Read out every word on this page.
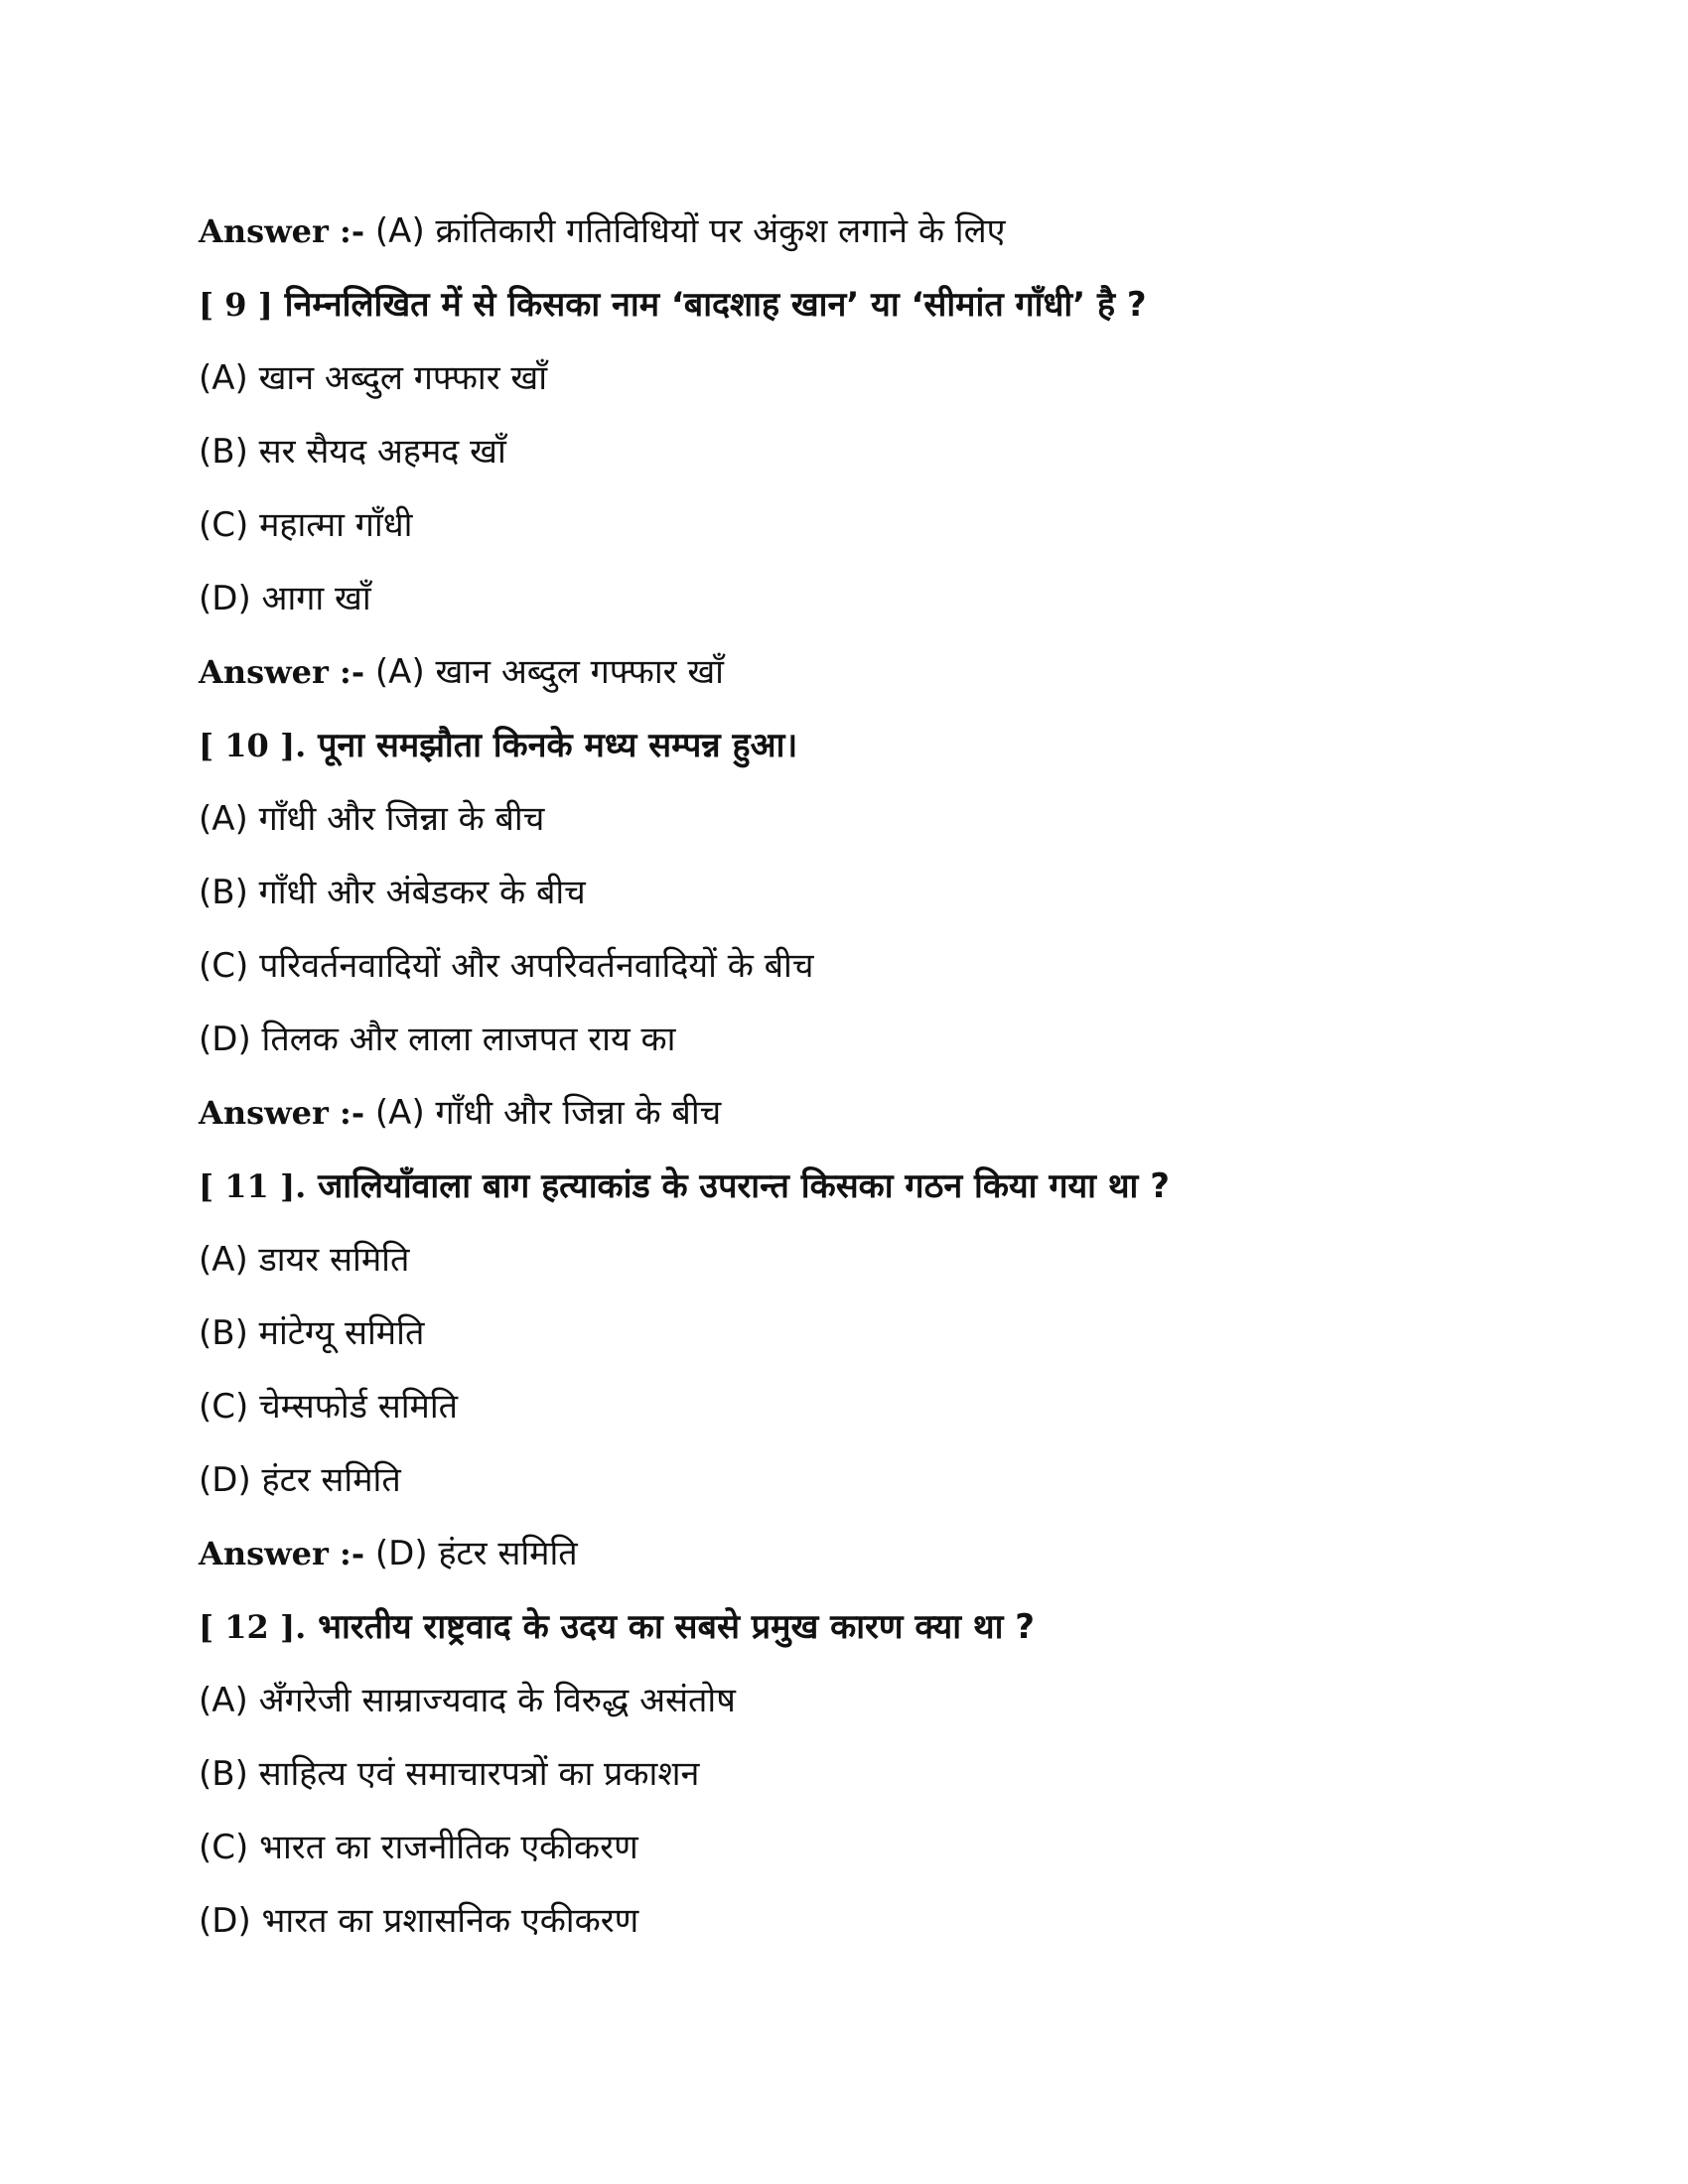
Answer :- (A) क्रांतिकारी गतिविधियों पर अंकुश लगाने के लिए
[ 9 ] निम्नलिखित में से किसका नाम ‘बादशाह खान’ या ‘सीमांत गाँधी’ है ?
(A) खान अब्दुल गफ्फार खाँ
(B) सर सैयद अहमद खाँ
(C) महात्मा गाँधी
(D) आगा खाँ
Answer :- (A) खान अब्दुल गफ्फार खाँ
[ 10 ]. पूना समझौता किनके मध्य सम्पन्न हुआ।
(A) गाँधी और जिन्ना के बीच
(B) गाँधी और अंबेडकर के बीच
(C) परिवर्तनवादियों और अपरिवर्तनवादियों के बीच
(D) तिलक और लाला लाजपत राय का
Answer :- (A) गाँधी और जिन्ना के बीच
[ 11 ]. जालियाँवाला बाग हत्याकांड के उपरान्त किसका गठन किया गया था ?
(A) डायर समिति
(B) मांटेग्यू समिति
(C) चेम्सफोर्ड समिति
(D) हंटर समिति
Answer :- (D) हंटर समिति
[ 12 ]. भारतीय राष्ट्रवाद के उदय का सबसे प्रमुख कारण क्या था ?
(A) अँगरेजी साम्राज्यवाद के विरुद्ध असंतोष
(B) साहित्य एवं समाचारपत्रों का प्रकाशन
(C) भारत का राजनीतिक एकीकरण
(D) भारत का प्रशासनिक एकीकरण
